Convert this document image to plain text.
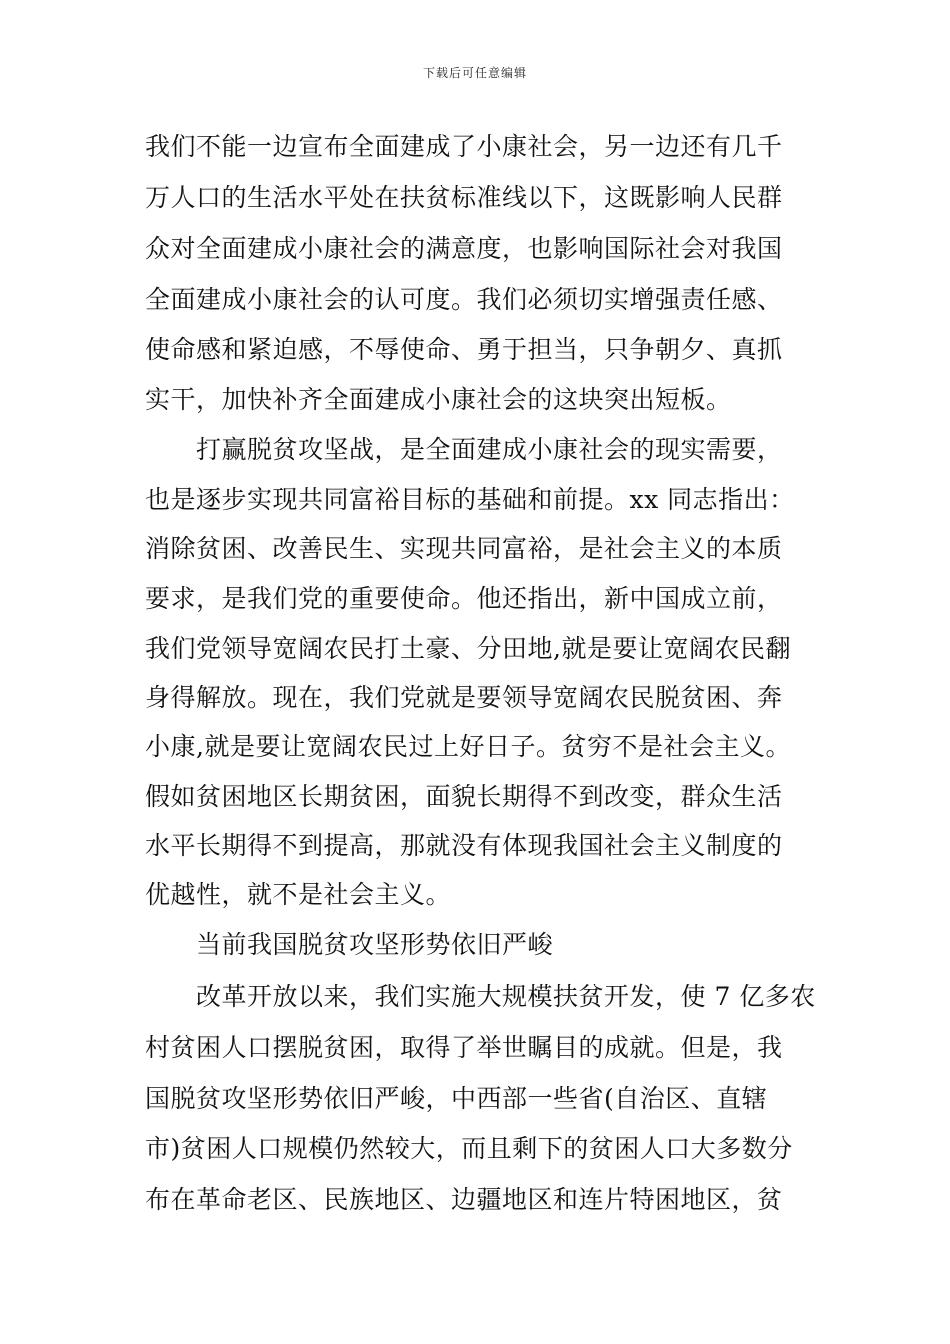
下载后可任意编辑
我们不能一边宣布全面建成了小康社会，另一边还有几千
万人口的生活水平处在扶贫标准线以下，这既影响人民群
众对全面建成小康社会的满意度，也影响国际社会对我国
全面建成小康社会的认可度。我们必须切实增强责任感、
使命感和紧迫感，不辱使命、勇于担当，只争朝夕、真抓
实干，加快补齐全面建成小康社会的这块突出短板。
打赢脱贫攻坚战，是全面建成小康社会的现实需要，
也是逐步实现共同富裕目标的基础和前提。xx 同志指出：
消除贫困、改善民生、实现共同富裕，是社会主义的本质
要求，是我们党的重要使命。他还指出，新中国成立前，
我们党领导宽阔农民打土豪、分田地,就是要让宽阔农民翻
身得解放。现在，我们党就是要领导宽阔农民脱贫困、奔
小康,就是要让宽阔农民过上好日子。贫穷不是社会主义。
假如贫困地区长期贫困，面貌长期得不到改变，群众生活
水平长期得不到提高，那就没有体现我国社会主义制度的
优越性，就不是社会主义。
当前我国脱贫攻坚形势依旧严峻
改革开放以来，我们实施大规模扶贫开发，使 7 亿多农
村贫困人口摆脱贫困，取得了举世瞩目的成就。但是，我
国脱贫攻坚形势依旧严峻，中西部一些省(自治区、直辖
市)贫困人口规模仍然较大，而且剩下的贫困人口大多数分
布在革命老区、民族地区、边疆地区和连片特困地区，贫
